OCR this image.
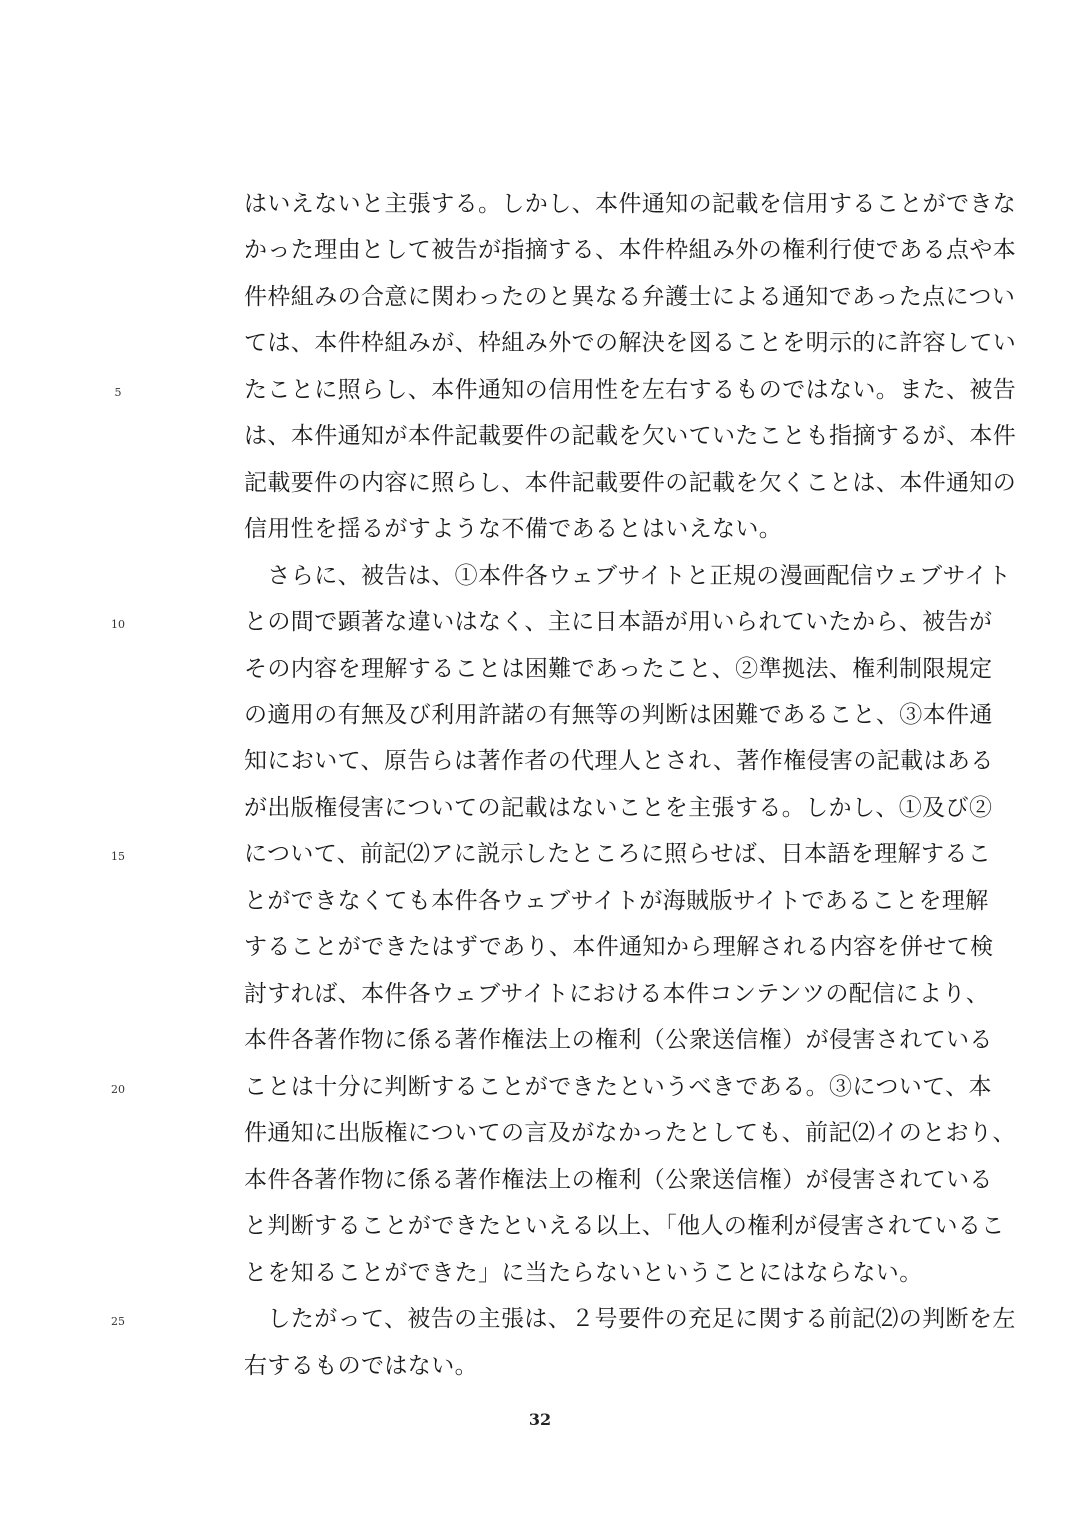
はいえないと主張する。しかし、本件通知の記載を信用することができな
かった理由として被告が指摘する、本件枠組み外の権利行使である点や本
件枠組みの合意に関わったのと異なる弁護士による通知であった点につい
ては、本件枠組みが、枠組み外での解決を図ることを明示的に許容してい
たことに照らし、本件通知の信用性を左右するものではない。また、被告
は、本件通知が本件記載要件の記載を欠いていたことも指摘するが、本件
記載要件の内容に照らし、本件記載要件の記載を欠くことは、本件通知の
信用性を揺るがすような不備であるとはいえない。
　さらに、被告は、①本件各ウェブサイトと正規の漫画配信ウェブサイト
との間で顕著な違いはなく、主に日本語が用いられていたから、被告が
その内容を理解することは困難であったこと、②準拠法、権利制限規定
の適用の有無及び利用許諾の有無等の判断は困難であること、③本件通
知において、原告らは著作者の代理人とされ、著作権侵害の記載はある
が出版権侵害についての記載はないことを主張する。しかし、①及び②
について、前記⑵アに説示したところに照らせば、日本語を理解するこ
とができなくても本件各ウェブサイトが海賊版サイトであることを理解
することができたはずであり、本件通知から理解される内容を併せて検
討すれば、本件各ウェブサイトにおける本件コンテンツの配信により、
本件各著作物に係る著作権法上の権利（公衆送信権）が侵害されている
ことは十分に判断することができたというべきである。③について、本
件通知に出版権についての言及がなかったとしても、前記⑵イのとおり、
本件各著作物に係る著作権法上の権利（公衆送信権）が侵害されている
と判断することができたといえる以上、「他人の権利が侵害されているこ
とを知ることができた」に当たらないということにはならない。
　したがって、被告の主張は、２号要件の充足に関する前記⑵の判断を左
右するものではない。
5
10
15
20
25
32
